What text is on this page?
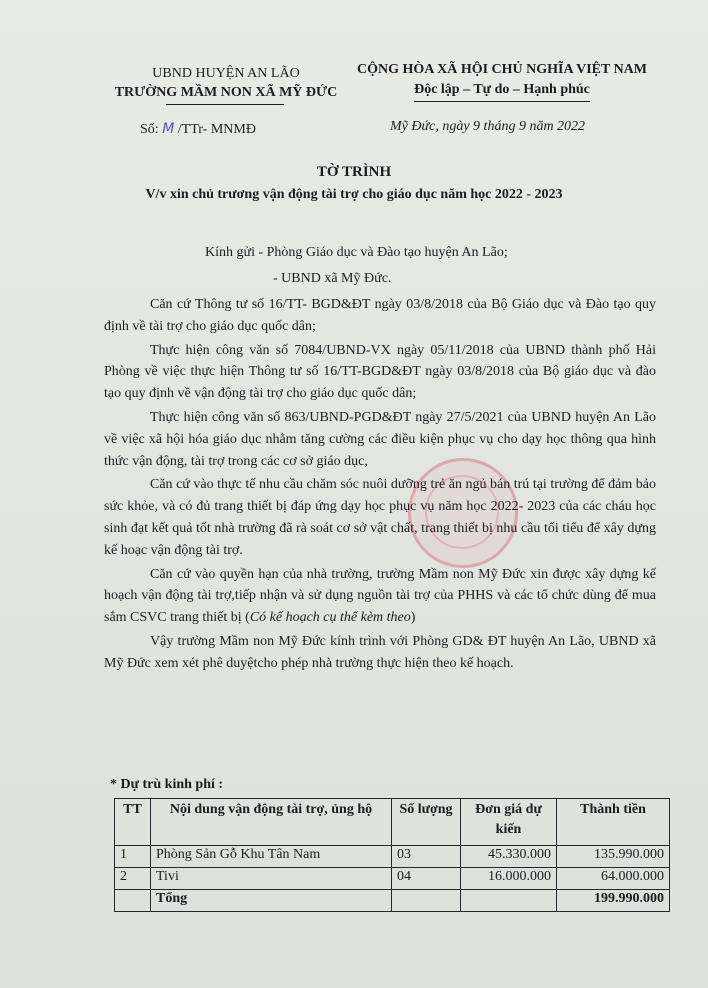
UBND HUYỆN AN LÃO
TRƯỜNG MẦM NON XÃ MỸ ĐỨC
CỘNG HÒA XÃ HỘI CHỦ NGHĨA VIỆT NAM
Độc lập – Tự do – Hạnh phúc
Số: M /TTr- MNMĐ	Mỹ Đức, ngày 9 tháng 9 năm 2022
TỜ TRÌNH
V/v xin chủ trương vận động tài trợ cho giáo dục năm học 2022 - 2023
Kính gửi - Phòng Giáo dục và Đào tạo huyện An Lão;
- UBND xã Mỹ Đức.

Căn cứ Thông tư số 16/TT- BGD&ĐT ngày 03/8/2018 của Bộ Giáo dục và Đào tạo quy định về tài trợ cho giáo dục quốc dân;

Thực hiện công văn số 7084/UBND-VX ngày 05/11/2018 của UBND thành phố Hải Phòng về việc thực hiện Thông tư số 16/TT-BGD&ĐT ngày 03/8/2018 của Bộ giáo dục và đào tạo quy định về vận động tài trợ cho giáo dục quốc dân;

Thực hiện công văn số 863/UBND-PGD&ĐT ngày 27/5/2021 của UBND huyện An Lão về việc xã hội hóa giáo dục nhằm tăng cường các điều kiện phục vụ cho dạy học thông qua hình thức vận động, tài trợ trong các cơ sở giáo dục,

Căn cứ vào thực tế nhu cầu chăm sóc nuôi dưỡng trẻ ăn ngủ bán trú tại trường để đảm bảo sức khỏe, và có đủ trang thiết bị đáp ứng dạy học phục vụ năm học 2022- 2023 của các cháu học sinh đạt kết quả tốt nhà trường đã rà soát cơ sở vật chất, trang thiết bị nhu cầu tối tiểu để xây dựng kế hoạc vận động tài trợ.

Căn cứ vào quyền hạn của nhà trường, trường Mầm non Mỹ Đức xin được xây dựng kế hoạch vận động tài trợ,tiếp nhận và sử dụng nguồn tài trợ của PHHS và các tổ chức dùng để mua sắm CSVC trang thiết bị (Có kế hoạch cụ thể kèm theo)

Vậy trường Mầm non Mỹ Đức kính trình với Phòng GD& ĐT huyện An Lão, UBND xã Mỹ Đức xem xét phê duyệtcho phép nhà trường thực hiện theo kế hoạch.

* Dự trù kinh phí :
TT	Nội dung vận động tài trợ, ủng hộ	Số lượng	Đơn giá dự kiến	Thành tiền
1	Phòng Sản Gỗ Khu Tân Nam	03	45.330.000	135.990.000
2	Tivi	04	16.000.000	64.000.000
	Tổng			199.990.000
